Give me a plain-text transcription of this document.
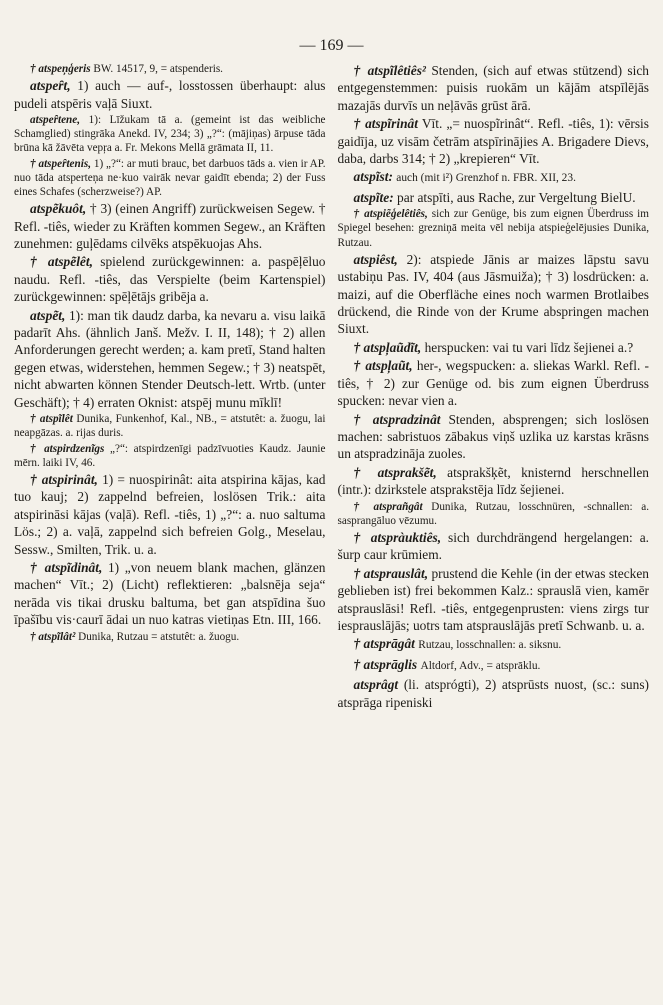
— 169 —

† atspeņģeris BW. 14517, 9, = atspenderis.

atspeȓt, 1) auch — auf-, losstossen überhaupt: alus pudeli atspēris vaļā Siuxt.

atspeȓtene, 1): Līžukam tā a. (gemeint ist das weibliche Schamglied) stingrāka Anekd. IV, 234; 3) „?“: (mājiņas) ārpuse tāda brūna kā žāvēta vepŗa a. Fr. Mekons Mellā grāmata II, 11.

† atspeȓtenis, 1) „?“: ar muti brauc, bet darbuos tāds a. vien ir AP. nuo tāda atsperteņa ne·kuo vairāk nevar gaidīt ebenda; 2) der Fuss eines Schafes (scherzweise?) AP.

atspẽkuôt, † 3) (einen Angriff) zurückweisen Segew. † Refl. -tiês, wieder zu Kräften kommen Segew., an Kräften zunehmen: guļēdams cilvēks atspēkuojas Ahs.

† atspẽlêt, spielend zurückgewinnen: a. paspēļēluo naudu. Refl. -tiês, das Verspielte (beim Kartenspiel) zurückgewinnen: spēļētājs gribēja a.

atspẽt, 1): man tik daudz darba, ka nevaru a. visu laikā padarīt Ahs. (ähnlich Janš. Mežv. I. II, 148); † 2) allen Anforderungen gerecht werden; a. kam pretī, Stand halten gegen etwas, widerstehen, hemmen Segew.; † 3) neatspēt, nicht abwarten können Stender Deutsch-lett. Wrtb. (unter Geschäft); † 4) erraten Oknist: atspēj munu mīklī!

† atspĩlêt Dunika, Funkenhof, Kal., NB., = atstutêt: a. žuogu, lai neapgāzas. a. rijas duris.

† atspirdzenĩgs „?“: atspirdzenīgi padzīvuoties Kaudz. Jaunie mērn. laiki IV, 46.

† atspirinât, 1) = nuospirinât: aita atspirina kājas, kad tuo kauj; 2) zappelnd befreien, loslösen Trik.: aita atspirināsi kājas (vaļā). Refl. -tiês, 1) „?“: a. nuo saltuma Lös.; 2) a. vaļā, zappelnd sich befreien Golg., Meselau, Sessw., Smilten, Trik. u. a.

† atspĩdinât, 1) „von neuem blank machen, glänzen machen“ Vīt.; 2) (Licht) reflektieren: „balsnēja seja“ nerāda vis tikai drusku baltuma, bet gan atspīdina šuo īpašību vis·caurī ādai un nuo katras vietiņas Etn. III, 166.

† atspĩlât² Dunika, Rutzau = atstutêt: a. žuogu.

† atspĩlêtiês² Stenden, (sich auf etwas stützend) sich entgegenstemmen: puisis ruokām un kājām atspīlējās mazajās durvīs un neļāvās grūst ārā.

† atspĩrinât Vīt. „= nuospĩrinât“. Refl. -tiês, 1): vērsis gaidīja, uz visām četrām atspīrinājies A. Brigadere Dievs, daba, darbs 314; † 2) „krepieren“ Vīt.

atspĩst: auch (mit i²) Grenzhof n. FBR. XII, 23.

atspĩte: par atspīti, aus Rache, zur Vergeltung BielU.

† atspiẽģelêtiês, sich zur Genüge, bis zum eignen Überdruss im Spiegel besehen: grezniņā meita vēl nebija atspieģelējusies Dunika, Rutzau.

atspiêst, 2): atspiede Jānis ar maizes lāpstu savu ustabiņu Pas. IV, 404 (aus Jāsmuiža); † 3) losdrücken: a. maizi, auf die Oberfläche eines noch warmen Brotlaibes drückend, die Rinde von der Krume abspringen machen Siuxt.

† atspļaũdĩt, herspucken: vai tu vari līdz šejienei a.?

† atspļaũt, her-, wegspucken: a. sliekas Warkl. Refl. -tiês, † 2) zur Genüge od. bis zum eignen Überdruss spucken: nevar vien a.

† atspradzinât Stenden, absprengen; sich loslösen machen: sabristuos zābakus viņš uzlika uz karstas krāsns un atspradzināja zuoles.

† atsprakšẽt, atsprakšķẽt, knisternd herschnellen (intr.): dzirkstele atsprakstēja līdz šejienei.

† atsprañgât Dunika, Rutzau, losschnüren, -schnallen: a. sasprangāluo vēzumu.

† atspràuktiês, sich durchdrängend hergelangen: a. šurp caur krūmiem.

† atsprauslât, prustend die Kehle (in der etwas stecken geblieben ist) frei bekommen Kalz.: sprauslā vien, kamēr atsprauslāsi! Refl. -tiês, entgegenprusten: viens zirgs tur iesprauslājās; uotrs tam atsprauslājās pretī Schwanb. u. a.

† atsprāgât Rutzau, losschnallen: a. siksnu.

† atsprāglis Altdorf, Adv., = atsprāklu.

atsprâgt (li. atsprógti), 2) atsprūsts nuost, (sc.: suns) atsprāga ripeniski
